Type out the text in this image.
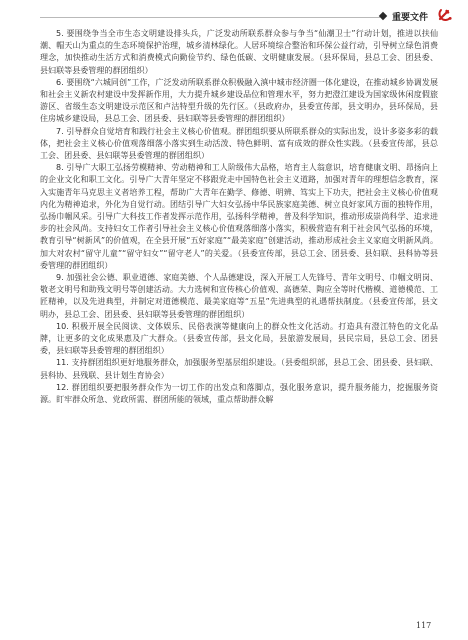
重要文件

5. 要围绕争当全市生态文明建设排头兵，广泛发动所联系群众参与争当“仙潮卫士”行动计划，推进以扶仙潮、帽天山为重点的生态环境保护治理，城乡清林绿化。人居环境综合整治和环保公益行动，引导树立绿色消费理念，加快推动生活方式和消费模式向勤俭节约、绿色低碳、文明健康发展。（县环保局，县总工会、团县委、县妇联等县委管理的群团组织）

6. 要围绕“六城同创”工作，广泛发动所联系群众积极融入滇中城市经济圈一体化建设，在推动城乡协调发展和社会主义新农村建设中发挥新作用，大力提升城乡建设品位和管理水平，努力把澄江建设为国家级休闲度假旅游区、省级生态文明建设示范区和卢沽特型升级的先行区。（县政府办，县委宣传部，县文明办，县环保局，县住房城乡建设局，县总工会、团县委、县妇联等县委管理的群团组织）

7. 引导群众自觉培育和践行社会主义核心价值观。群团组织要从所联系群众的实际出发，设计多姿多彩的载体，把社会主义核心价值观落细落小落实到生动活泼、特色鲜明、富有成效的群众性实践。（县委宣传部，县总工会、团县委、县妇联等县委管理的群团组织）

8. 引导广大职工弘扬劳模精神、劳动精神和工人阶级伟大品格，培育主人翁意识，培育健康文明、昂扬向上的企业文化和职工文化。引导广大青年坚定不移跟党走中国特色社会主义道路，加强对青年的理想信念教育，深入实施青年马克思主义者培养工程，帮助广大青年在勤学、修德、明辨、笃实上下功夫，把社会主义核心价值观内化为精神追求，外化为自觉行动。团结引导广大妇女弘扬中华民族家庭美德、树立良好家风方面的独特作用，弘扬巾帼风采。引导广大科技工作者发挥示范作用，弘扬科学精神，普及科学知识，推动形成崇尚科学、追求进步的社会风尚。支持妇女工作者引导社会主义核心价值观落细落小落实，积极营造有利于社会风气弘扬的环境，教育引导“树新风”的价值观，在全县开展“五好家庭”“最美家庭”创建活动，推动形成社会主义家庭文明新风尚。加大对农村“留守儿童”“留守妇女”“留守老人”的关爱。（县委宣传部，县总工会、团县委、县妇联、县科协等县委管理的群团组织）

9. 加强社会公德、职业道德、家庭美德、个人品德建设，深入开展工人先锋号、青年文明号、巾帼文明岗、敬老文明号和助残文明号等创建活动。大力选树和宣传核心价值观、高德荣、陶应全等时代楷模、道德模范、工匠精神，以及先进典型，并制定对道德模范、最美家庭等“五星”先进典型的礼遇帮扶制度。（县委宣传部，县文明办，县总工会、团县委、县妇联等县委管理的群团组织）

10. 积极开展全民阅读、文体娱乐、民俗表演等健康向上的群众性文化活动。打造具有澄江特色的文化品牌，让更多的文化成果惠及广大群众。（县委宣传部，县文化局，县旅游发展局，县民宗局，县总工会、团县委，县妇联等县委管理的群团组织）

11. 支持群团组织更好地服务群众，加强服务型基层组织建设。（县委组织部，县总工会、团县委、县妇联、县科协、县残联、县计划生育协会）

12. 群团组织要把服务群众作为一切工作的出发点和落脚点，强化服务意识，提升服务能力，挖掘服务资源。盯牢群众所急、党政所需、群团所能的领域，重点帮助群众解

117
